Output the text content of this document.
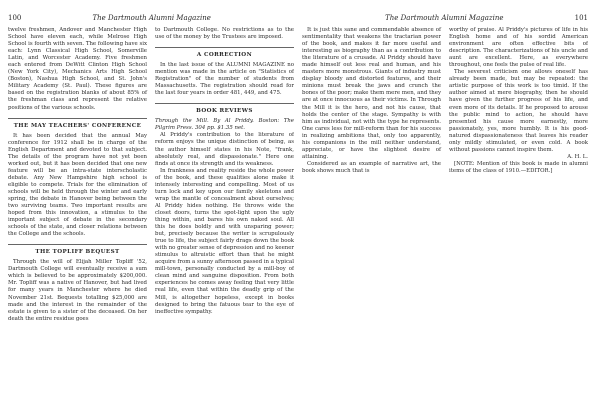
100	The Dartmouth Alumni Magazine

twelve freshmen, Andover and Manchester High School have eleven each, while Melrose High School is fourth with seven. The following have six each: Lynn Classical High School, Somerville Latin, and Worcester Academy. Five freshmen each entered from DeWitt Clinton High School (New York City), Mechanics Arts High School (Boston), Nashua High School, and St. John's Military Academy (St. Paul). These figures are based on the registration blanks of about 85% of the freshman class and represent the relative positions of the various schools.

THE MAY TEACHERS' CONFERENCE

It has been decided that the annual May conference for 1912 shall be in charge of the English Department and devoted to that subject. The details of the program have not yet been worked out, but it has been decided that one new feature will be an intra-state interscholastic debate. Any New Hampshire high school is eligible to compete. Trials for the elimination of schools will be held through the winter and early spring, the debate in Hanover being between the two surviving teams. Two important results are hoped from this innovation, a stimulus to the important subject of debate in the secondary schools of the state, and closer relations between the College and the schools.

THE TOPLIFF BEQUEST

Through the will of Elijah Miller Topliff '52, Dartmouth College will eventually receive a sum which is believed to be approximately $200,000. Mr. Topliff was a native of Hanover, but had lived for many years in Manchester where he died November 21st. Bequests totalling $25,000 are made and the interest in the remainder of the estate is given to a sister of the deceased. On her death the entire residue goes

to Dartmouth College. No restrictions as to the use of the money by the Trustees are imposed.

A CORRECTION

In the last issue of the ALUMNI MAGAZINE no mention was made in the article on "Statistics of Registration" of the number of students from Massachusetts. The registration should read for the last four years in order 481, 449, and 475.

BOOK REVIEWS

Through the Mill. By Al Priddy. Boston: The Pilgrim Press. 304 pp. $1.35 net.

Al Priddy's contribution to the literature of reform enjoys the unique distinction of being, as the author himself states in his Note, "frank, absolutely real, and dispassionate." Here one finds at once its strength and its weakness.

In frankness and reality reside the whole power of the book, and these qualities alone make it intensely interesting and compelling. Most of us turn lock and key upon our family skeletons and wrap the mantle of concealment about ourselves; Al Priddy hides nothing. He throws wide the closet doors, turns the spot-light upon the ugly thing within, and bares his own naked soul. All this he does boldly and with unsparing power; but, precisely because the writer is scrupulously true to life, the subject fairly drags down the book with no greater sense of depression and no keener stimulus to altruistic effort than that he might acquire from a sunny afternoon passed in a typical mill-town, personally conducted by a mill-boy of clean mind and sanguine disposition. From both experiences he comes away feeling that very little real life, even that within the deadly grip of the Mill, is altogether hopeless, except in books designed to bring the fatuous tear to the eye of ineffective sympathy.

The Dartmouth Alumni Magazine	101

It is just this sane and commendable absence of sentimentality that weakens the tractarian power of the book, and makes it far more useful and interesting as biography than as a contribution to the literature of a crusade. Al Priddy should have made himself out less real and human, and his masters more monstrous. Giants of industry must display bloody and distorted features, and their minions must break the jaws and crunch the bones of the poor; make them mere men, and they are at once innocuous as their victims. In Through the Mill it is the hero, and not his cause, that holds the center of the stage. Sympathy is with him as individual, not with the type he represents. One cares less for mill-reform than for his success in realizing ambitions that, only too apparently, his companions in the mill neither understand, appreciate, or have the slightest desire of attaining.

Considered as an example of narrative art, the book shows much that is

worthy of praise. Al Priddy's pictures of life in his English home and of his sordid American environment are often effective bits of description. The characterizations of his uncle and aunt are excellent. Here, as everywhere throughout, one feels the pulse of real life.

The severest criticism one allows oneself has already been made, but may be repeated: the artistic purpose of this work is too timid. If the author aimed at mere biography, then he should have given the further progress of his life, and even more of its details. If he proposed to arouse the public mind to action, he should have presented his cause more earnestly, more passionately, yes, more humbly. It is his good-natured dispassionateness that leaves his reader only mildly stimulated, or even cold. A book without passions cannot inspire them.

A. H. L.

[NOTE: Mention of this book is made in alumni items of the class of 1910.—EDITOR.]
